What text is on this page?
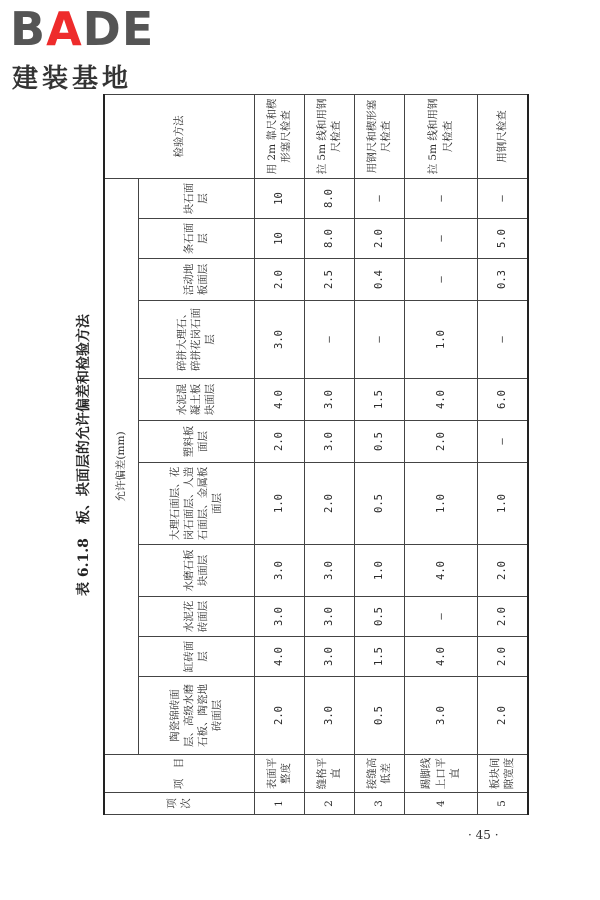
BADE
建装基地
表 6.1.8　板、块面层的允许偏差和检验方法
项次	项　目	允许偏差(mm)											检验方法
		陶瓷锦砖面层、高级水磨石板、陶瓷地砖面层	缸砖面层	水泥花砖面层	水磨石板块面层	大理石面层、花岗石面层、人造石面层、金属板面层	塑料板面层	水泥混凝土板块面层	碎拼大理石、碎拼花岗石面层	活动地板面层	条石面层	块石面层	
1	表面平整度	2.0	4.0	3.0	3.0	1.0	2.0	4.0	3.0	2.0	10	10	用 2m 靠尺和楔形塞尺检查
2	缝格平直	3.0	3.0	3.0	3.0	2.0	3.0	3.0	—	2.5	8.0	8.0	拉 5m 线和用钢尺检查
3	接缝高低差	0.5	1.5	0.5	1.0	0.5	0.5	1.5	—	0.4	2.0	—	用钢尺和楔形塞尺检查
4	踢脚线上口平直	3.0	4.0	—	4.0	1.0	2.0	4.0	1.0	—	—	—	拉 5m 线和用钢尺检查
5	板块间隙宽度	2.0	2.0	2.0	2.0	1.0	—	6.0	—	0.3	5.0	—	用钢尺检查
· 45 ·
